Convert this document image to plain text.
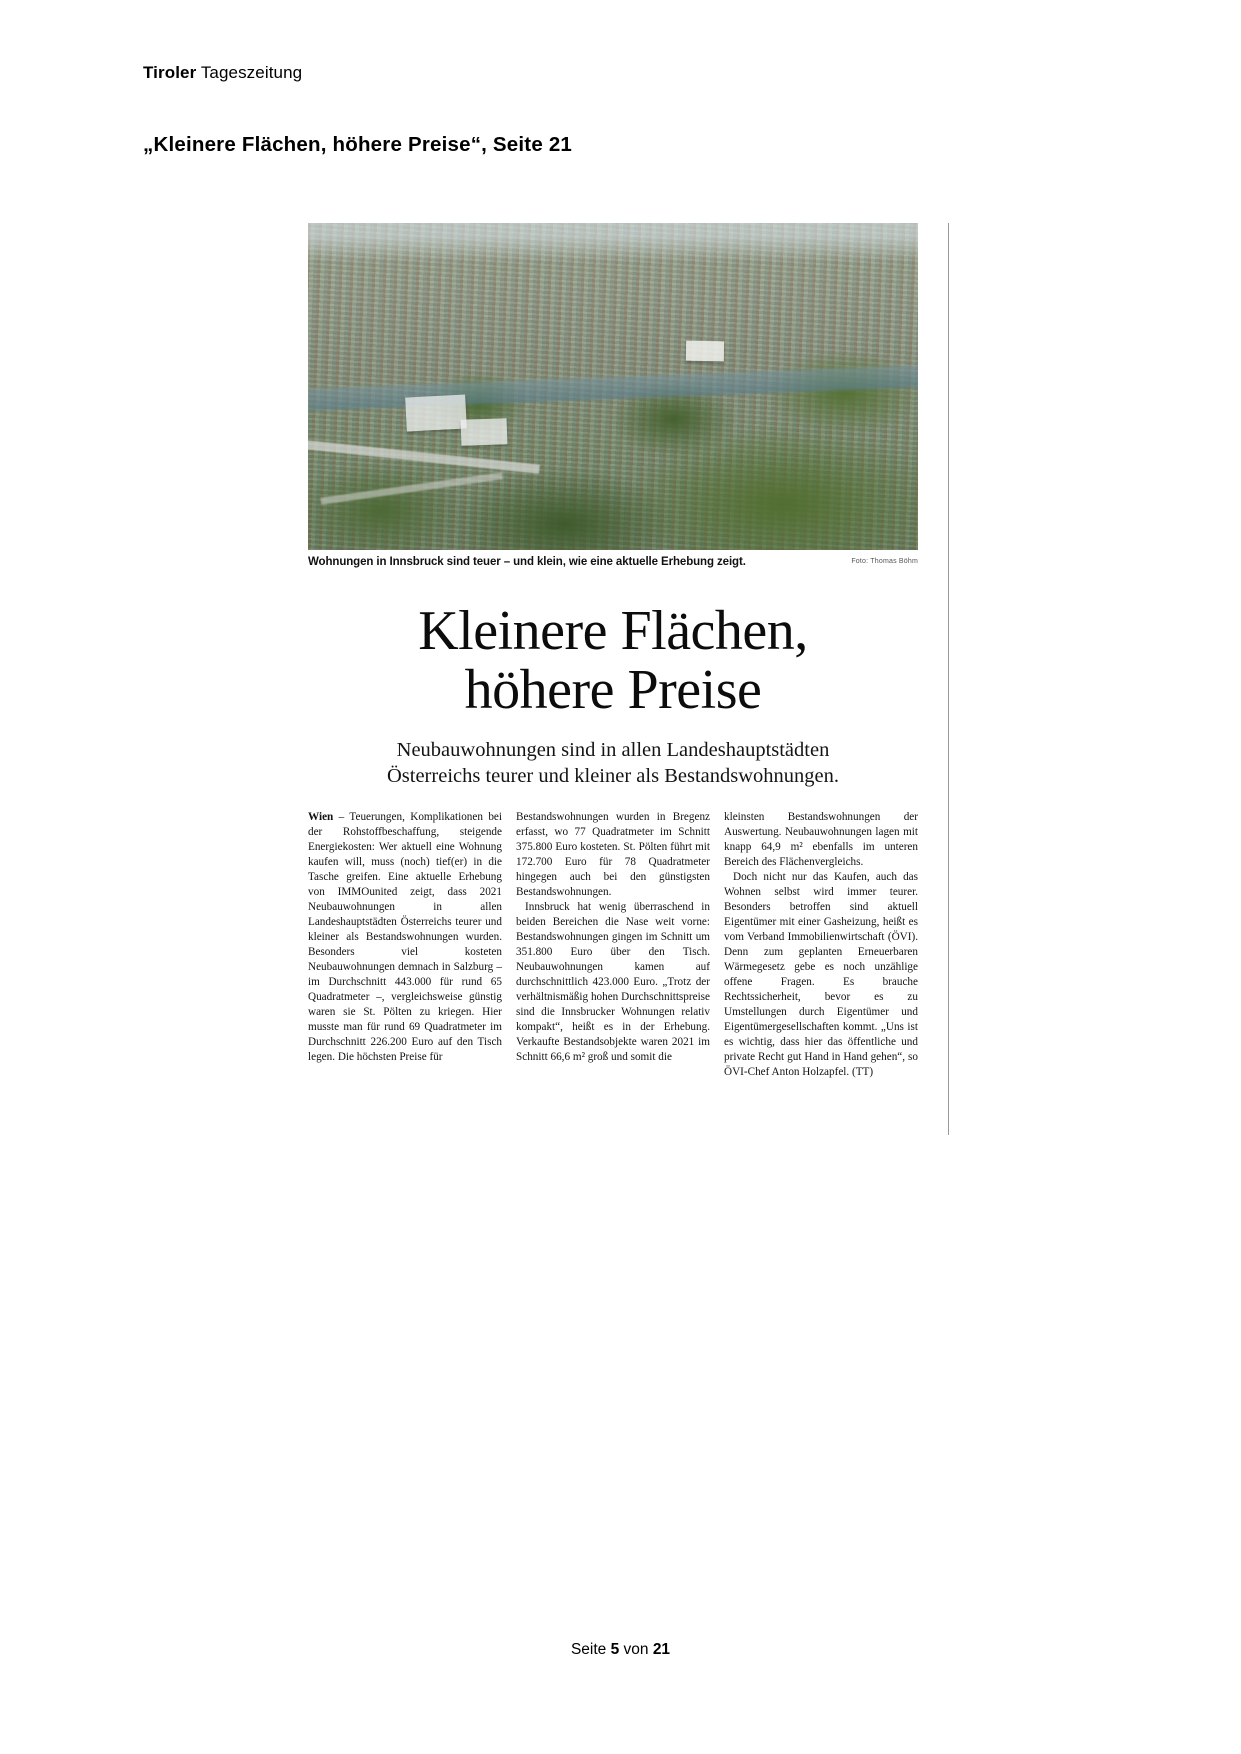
Tiroler Tageszeitung
„Kleinere Flächen, höhere Preise“, Seite 21
Wohnungen in Innsbruck sind teuer – und klein, wie eine aktuelle Erhebung zeigt.	Foto: Thomas Böhm
Kleinere Flächen,
höhere Preise
Neubauwohnungen sind in allen Landeshauptstädten
Österreichs teurer und kleiner als Bestandswohnungen.

Wien – Teuerungen, Komplikationen bei der Rohstoffbeschaffung, steigende Energiekosten: Wer aktuell eine Wohnung kaufen will, muss (noch) tief(er) in die Tasche greifen. Eine aktuelle Erhebung von IMMOunited zeigt, dass 2021 Neubauwohnungen in allen Landeshauptstädten Österreichs teurer und kleiner als Bestandswohnungen wurden. Besonders viel kosteten Neubauwohnungen demnach in Salzburg – im Durchschnitt 443.000 für rund 65 Quadratmeter –, vergleichsweise günstig waren sie St. Pölten zu kriegen. Hier musste man für rund 69 Quadratmeter im Durchschnitt 226.200 Euro auf den Tisch legen. Die höchsten Preise für

Bestandswohnungen wurden in Bregenz erfasst, wo 77 Quadratmeter im Schnitt 375.800 Euro kosteten. St. Pölten führt mit 172.700 Euro für 78 Quadratmeter hingegen auch bei den günstigsten Bestandswohnungen.

Innsbruck hat wenig überraschend in beiden Bereichen die Nase weit vorne: Bestandswohnungen gingen im Schnitt um 351.800 Euro über den Tisch. Neubauwohnungen kamen auf durchschnittlich 423.000 Euro. „Trotz der verhältnismäßig hohen Durchschnittspreise sind die Innsbrucker Wohnungen relativ kompakt“, heißt es in der Erhebung. Verkaufte Bestandsobjekte waren 2021 im Schnitt 66,6 m² groß und somit die

kleinsten Bestandswohnungen der Auswertung. Neubauwohnungen lagen mit knapp 64,9 m² ebenfalls im unteren Bereich des Flächenvergleichs.

Doch nicht nur das Kaufen, auch das Wohnen selbst wird immer teurer. Besonders betroffen sind aktuell Eigentümer mit einer Gasheizung, heißt es vom Verband Immobilienwirtschaft (ÖVI). Denn zum geplanten Erneuerbaren Wärmegesetz gebe es noch unzählige offene Fragen. Es brauche Rechtssicherheit, bevor es zu Umstellungen durch Eigentümer und Eigentümergesellschaften kommt. „Uns ist es wichtig, dass hier das öffentliche und private Recht gut Hand in Hand gehen“, so ÖVI-Chef Anton Holzapfel. (TT)

Seite 5 von 21
